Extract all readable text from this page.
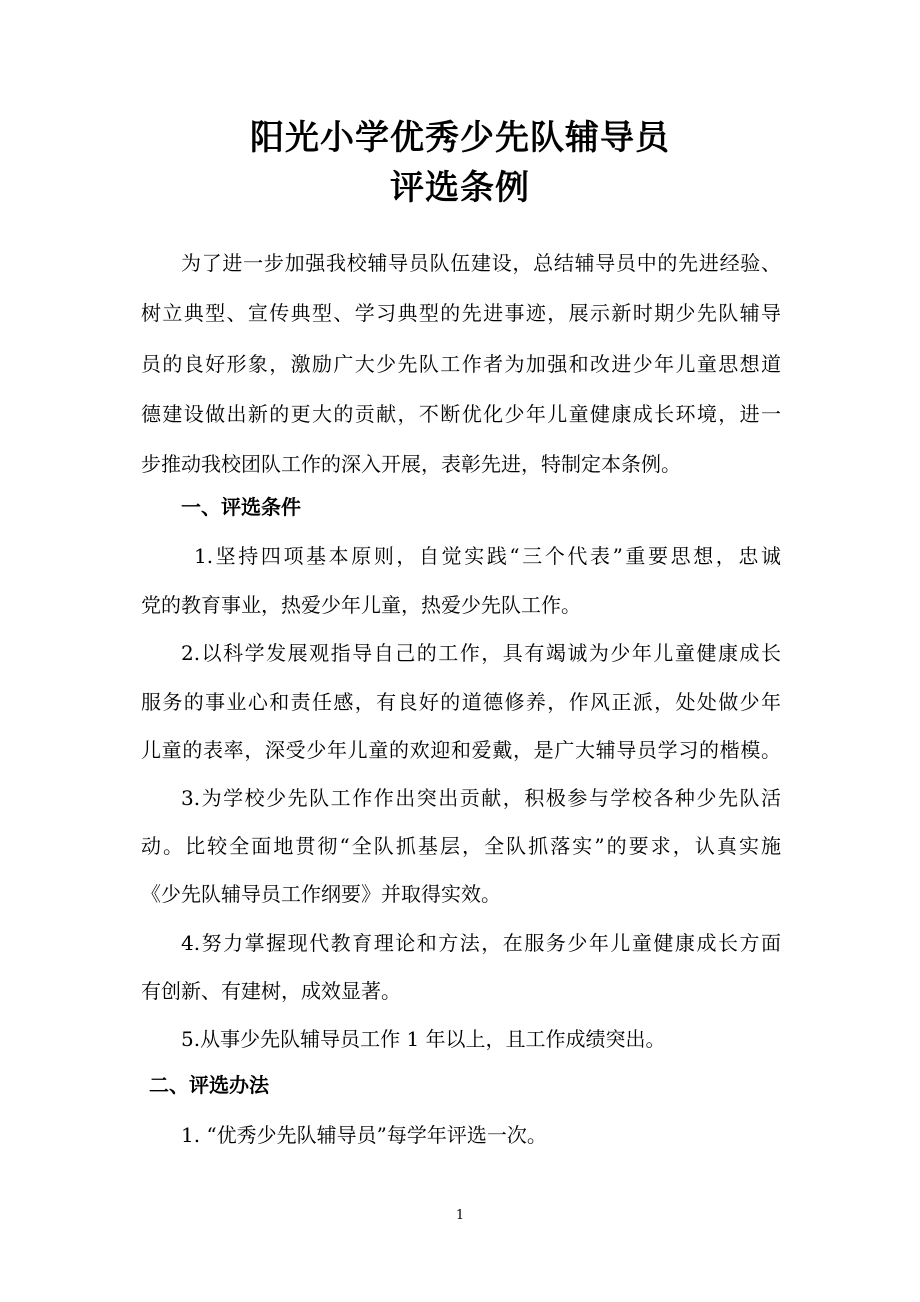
阳光小学优秀少先队辅导员
评选条例
为了进一步加强我校辅导员队伍建设，总结辅导员中的先进经验、
树立典型、宣传典型、学习典型的先进事迹，展示新时期少先队辅导
员的良好形象，激励广大少先队工作者为加强和改进少年儿童思想道
德建设做出新的更大的贡献，不断优化少年儿童健康成长环境，进一
步推动我校团队工作的深入开展，表彰先进，特制定本条例。
一、评选条件
1.坚持四项基本原则，自觉实践“三个代表”重要思想，忠诚
党的教育事业，热爱少年儿童，热爱少先队工作。
2.以科学发展观指导自己的工作，具有竭诚为少年儿童健康成长
服务的事业心和责任感，有良好的道德修养，作风正派，处处做少年
儿童的表率，深受少年儿童的欢迎和爱戴，是广大辅导员学习的楷模。
3.为学校少先队工作作出突出贡献，积极参与学校各种少先队活
动。比较全面地贯彻“全队抓基层，全队抓落实”的要求，认真实施
《少先队辅导员工作纲要》并取得实效。
4.努力掌握现代教育理论和方法，在服务少年儿童健康成长方面
有创新、有建树，成效显著。
5.从事少先队辅导员工作 1 年以上，且工作成绩突出。
二、评选办法
1. “优秀少先队辅导员”每学年评选一次。
1
